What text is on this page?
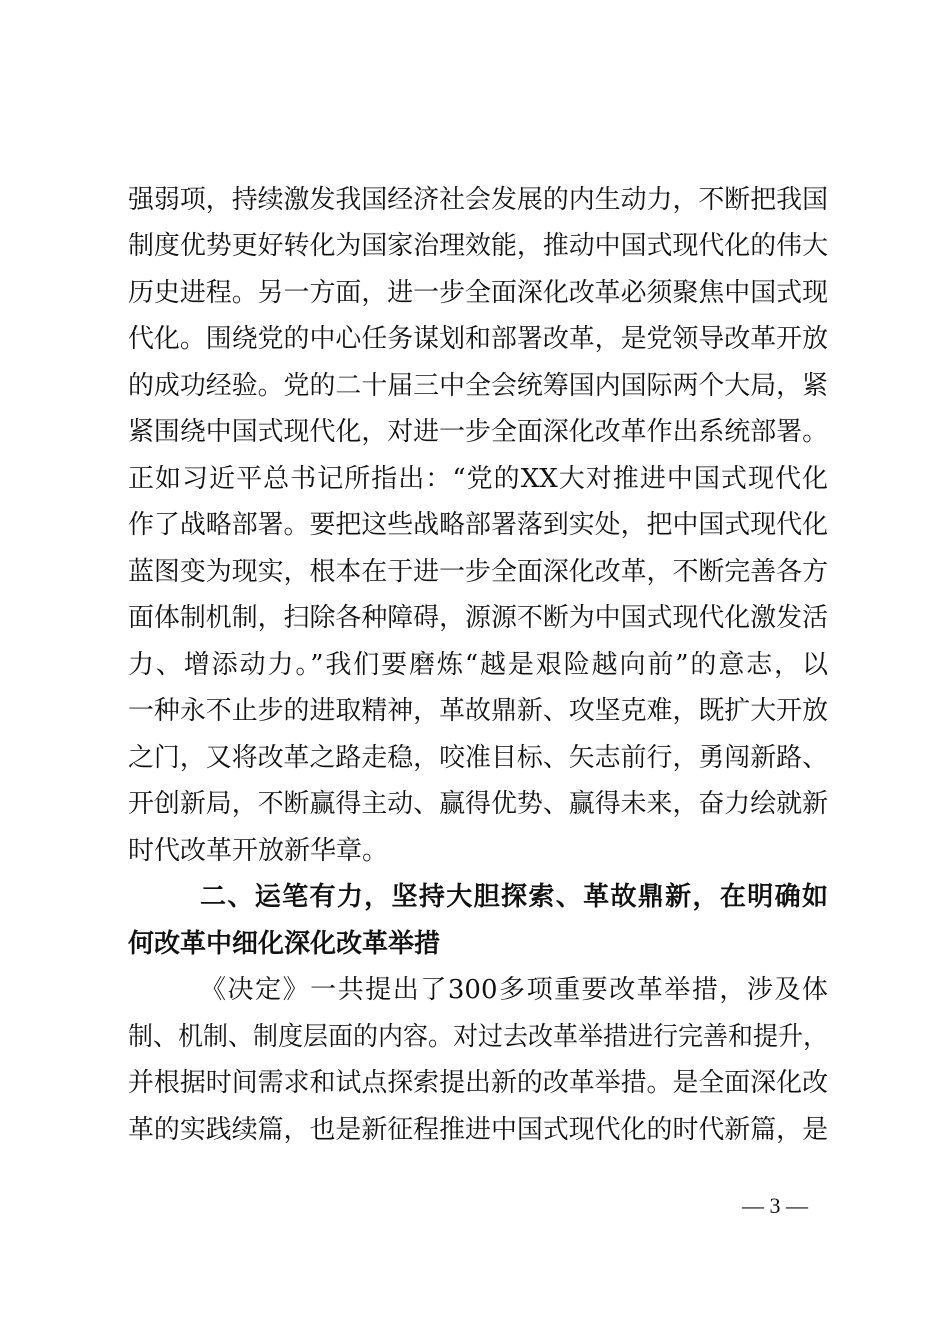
强弱项，持续激发我国经济社会发展的内生动力，不断把我国
制度优势更好转化为国家治理效能，推动中国式现代化的伟大
历史进程。另一方面，进一步全面深化改革必须聚焦中国式现
代化。围绕党的中心任务谋划和部署改革，是党领导改革开放
的成功经验。党的二十届三中全会统筹国内国际两个大局，紧
紧围绕中国式现代化，对进一步全面深化改革作出系统部署。
正如习近平总书记所指出：“党的XX大对推进中国式现代化
作了战略部署。要把这些战略部署落到实处，把中国式现代化
蓝图变为现实，根本在于进一步全面深化改革，不断完善各方
面体制机制，扫除各种障碍，源源不断为中国式现代化激发活
力、增添动力。”我们要磨炼“越是艰险越向前”的意志，以
一种永不止步的进取精神，革故鼎新、攻坚克难，既扩大开放
之门，又将改革之路走稳，咬准目标、矢志前行，勇闯新路、
开创新局，不断赢得主动、赢得优势、赢得未来，奋力绘就新
时代改革开放新华章。
二、运笔有力，坚持大胆探索、革故鼎新，在明确如
何改革中细化深化改革举措
《决定》一共提出了300多项重要改革举措，涉及体
制、机制、制度层面的内容。对过去改革举措进行完善和提升，
并根据时间需求和试点探索提出新的改革举措。是全面深化改
革的实践续篇，也是新征程推进中国式现代化的时代新篇，是
— 3 —
